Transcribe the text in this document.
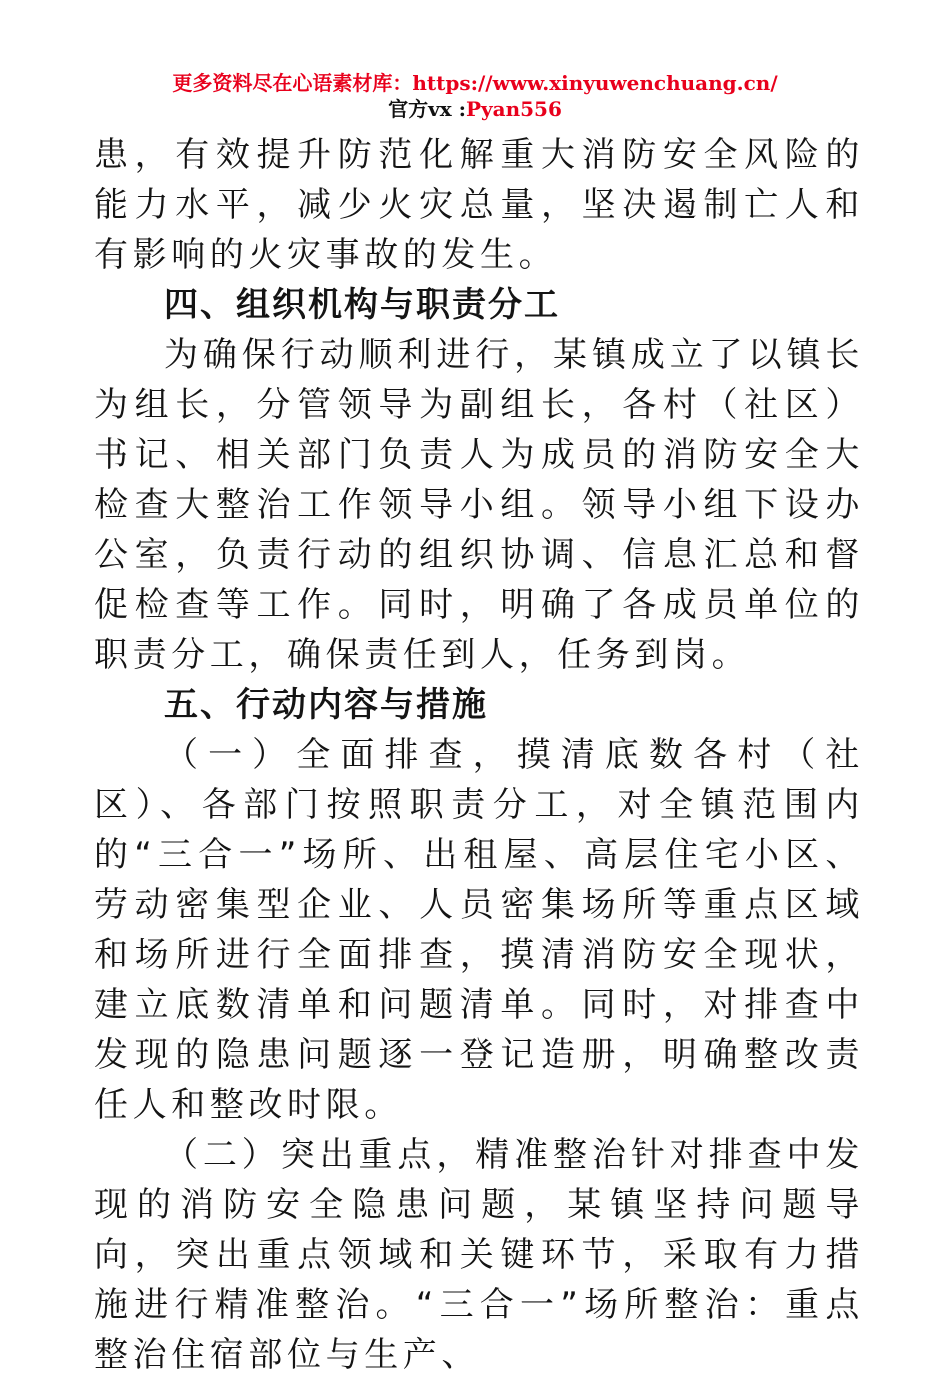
更多资料尽在心语素材库：https://www.xinyuwenchuang.cn/
官方vx :Pyan556

患，有效提升防范化解重大消防安全风险的能力水平，减少火灾总量，坚决遏制亡人和有影响的火灾事故的发生。

四、组织机构与职责分工

为确保行动顺利进行，某镇成立了以镇长为组长，分管领导为副组长，各村（社区）书记、相关部门负责人为成员的消防安全大检查大整治工作领导小组。领导小组下设办公室，负责行动的组织协调、信息汇总和督促检查等工作。同时，明确了各成员单位的职责分工，确保责任到人，任务到岗。

五、行动内容与措施

（一）全面排查，摸清底数各村（社区）、各部门按照职责分工，对全镇范围内的“三合一”场所、出租屋、高层住宅小区、劳动密集型企业、人员密集场所等重点区域和场所进行全面排查，摸清消防安全现状，建立底数清单和问题清单。同时，对排查中发现的隐患问题逐一登记造册，明确整改责任人和整改时限。

（二）突出重点，精准整治针对排查中发现的消防安全隐患问题，某镇坚持问题导向，突出重点领域和关键环节，采取有力措施进行精准整治。“三合一”场所整治：重点整治住宿部位与生产、
